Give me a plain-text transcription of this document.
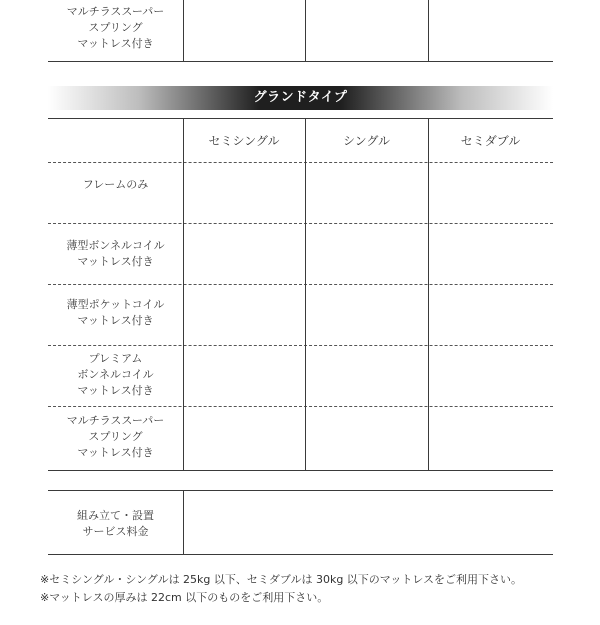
マルチラススーパー
スプリング
マットレス付き
グランドタイプ
セミシングル	シングル	セミダブル
フレームのみ
薄型ボンネルコイル
マットレス付き
薄型ポケットコイル
マットレス付き
プレミアム
ボンネルコイル
マットレス付き
マルチラススーパー
スプリング
マットレス付き
組み立て・設置
サービス料金
※セミシングル・シングルは 25kg 以下、セミダブルは 30kg 以下のマットレスをご利用下さい。
※マットレスの厚みは 22cm 以下のものをご利用下さい。
